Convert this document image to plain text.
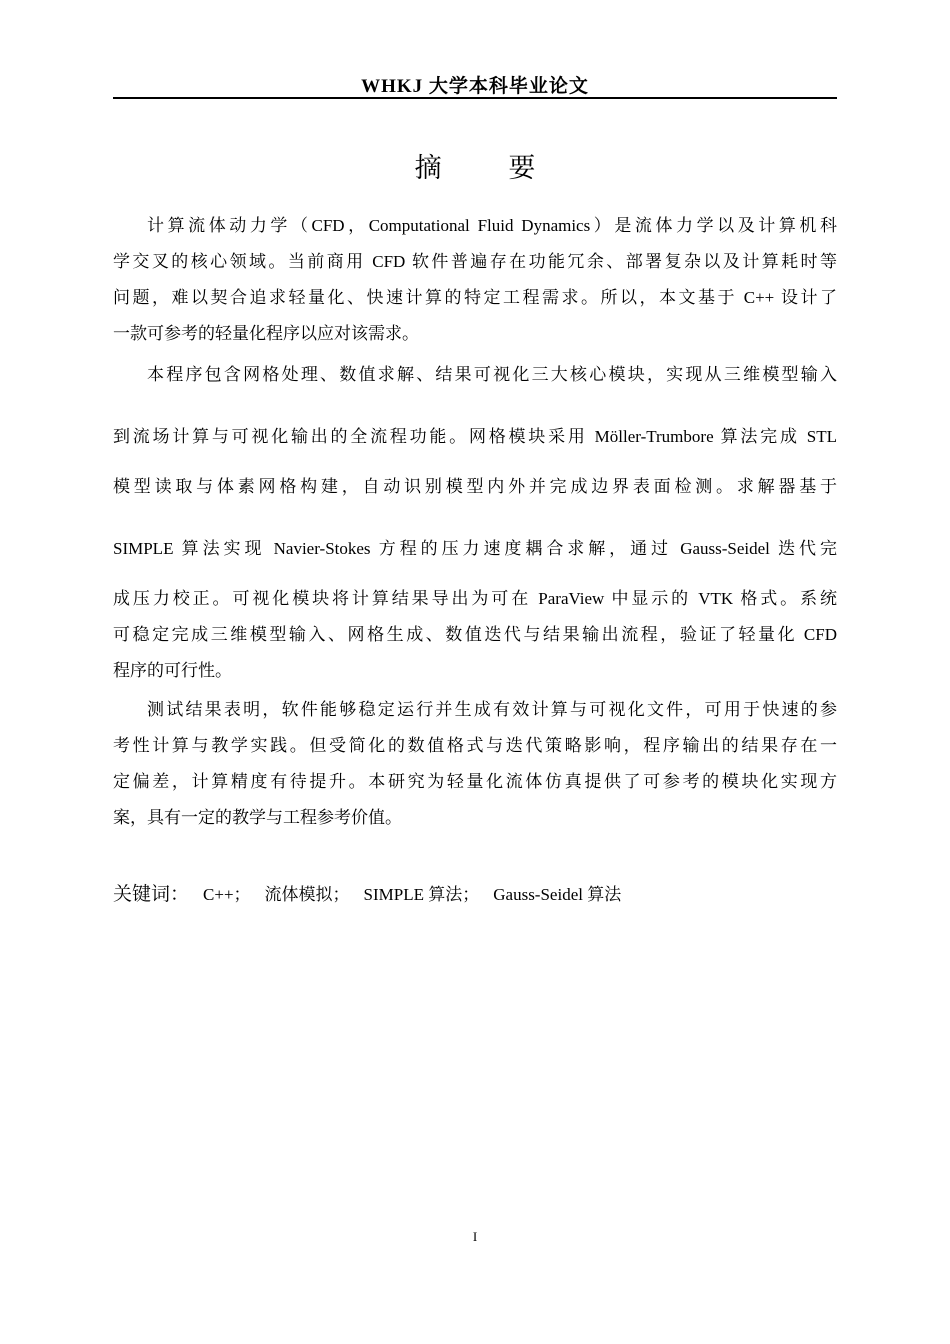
WHKJ 大学本科毕业论文
摘 要

计算流体动力学（CFD，Computational Fluid Dynamics）是流体力学以及计算机科
学交叉的核心领域。当前商用 CFD 软件普遍存在功能冗余、部署复杂以及计算耗时等
问题，难以契合追求轻量化、快速计算的特定工程需求。所以，本文基于 C++ 设计了
一款可参考的轻量化程序以应对该需求。

本程序包含网格处理、数值求解、结果可视化三大核心模块，实现从三维模型输入
到流场计算与可视化输出的全流程功能。网格模块采用 Möller-Trumbore 算法完成 STL
模型读取与体素网格构建，自动识别模型内外并完成边界表面检测。求解器基于
SIMPLE 算法实现 Navier-Stokes 方程的压力速度耦合求解，通过 Gauss-Seidel 迭代完
成压力校正。可视化模块将计算结果导出为可在 ParaView 中显示的 VTK 格式。系统
可稳定完成三维模型输入、网格生成、数值迭代与结果输出流程，验证了轻量化 CFD
程序的可行性。

测试结果表明，软件能够稳定运行并生成有效计算与可视化文件，可用于快速的参
考性计算与教学实践。但受简化的数值格式与迭代策略影响，程序输出的结果存在一
定偏差，计算精度有待提升。本研究为轻量化流体仿真提供了可参考的模块化实现方
案，具有一定的教学与工程参考价值。

关键词： C++； 流体模拟； SIMPLE 算法； Gauss-Seidel 算法
I
